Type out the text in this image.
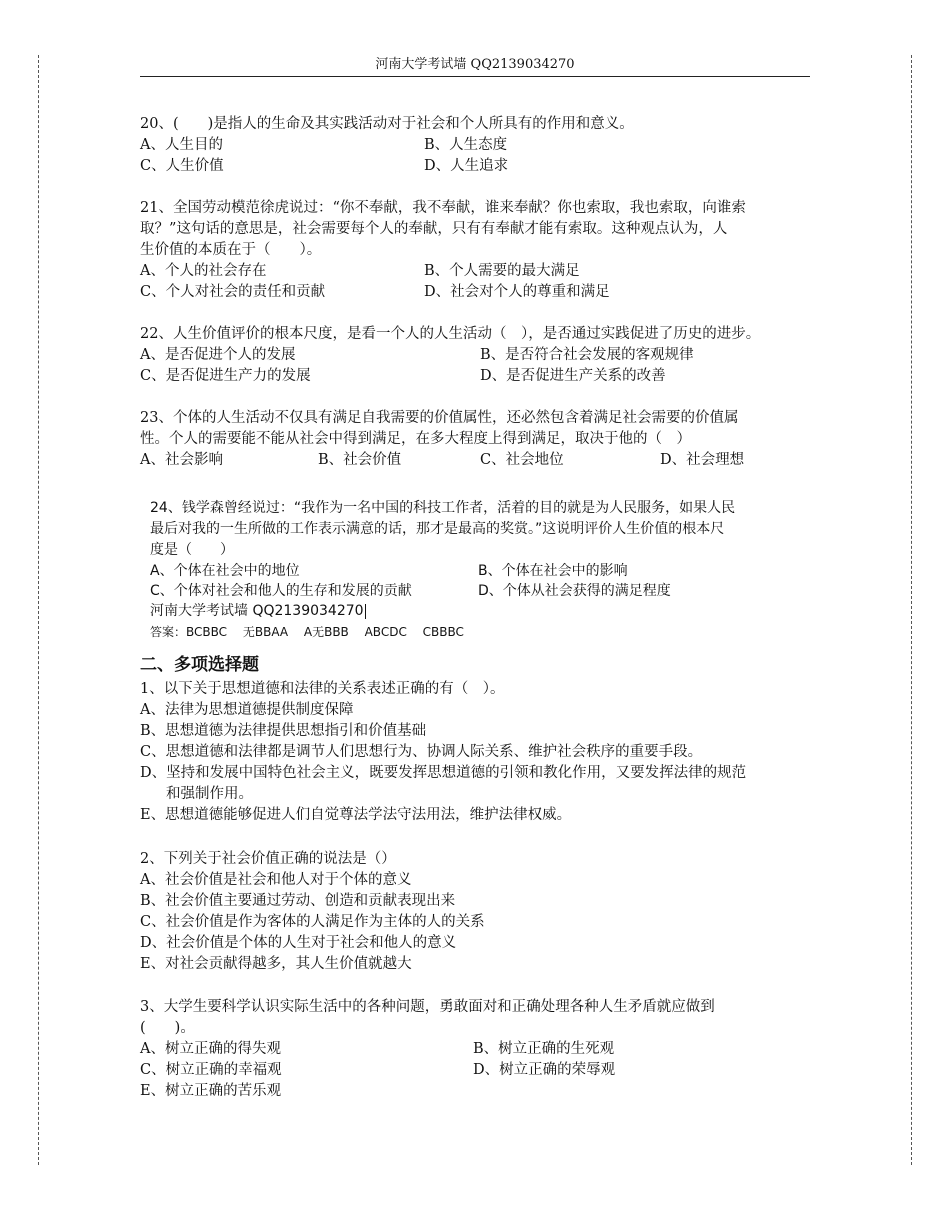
河南大学考试墙 QQ2139034270
20、(　　)是指人的生命及其实践活动对于社会和个人所具有的作用和意义。
A、人生目的	B、人生态度
C、人生价值	D、人生追求
21、全国劳动模范徐虎说过：“你不奉献，我不奉献，谁来奉献？你也索取，我也索取，向谁索
取？”这句话的意思是，社会需要每个人的奉献，只有有奉献才能有索取。这种观点认为，人
生价值的本质在于（　　）。
A、个人的社会存在	B、个人需要的最大满足
C、个人对社会的责任和贡献	D、社会对个人的尊重和满足
22、人生价值评价的根本尺度，是看一个人的人生活动（　），是否通过实践促进了历史的进步。
A、是否促进个人的发展	B、是否符合社会发展的客观规律
C、是否促进生产力的发展	D、是否促进生产关系的改善
23、个体的人生活动不仅具有满足自我需要的价值属性，还必然包含着满足社会需要的价值属
性。个人的需要能不能从社会中得到满足，在多大程度上得到满足，取决于他的（　）
A、社会影响	B、社会价值	C、社会地位	D、社会理想
24、钱学森曾经说过：“我作为一名中国的科技工作者，活着的目的就是为人民服务，如果人民
最后对我的一生所做的工作表示满意的话，那才是最高的奖赏。”这说明评价人生价值的根本尺
度是（　　）
A、个体在社会中的地位	B、个体在社会中的影响
C、个体对社会和他人的生存和发展的贡献	D、个体从社会获得的满足程度
河南大学考试墙 QQ2139034270
答案：BCBBC 无BBAA A无BBB ABCDC CBBBC
二、多项选择题
1、以下关于思想道德和法律的关系表述正确的有（　）。
A、法律为思想道德提供制度保障
B、思想道德为法律提供思想指引和价值基础
C、思想道德和法律都是调节人们思想行为、协调人际关系、维护社会秩序的重要手段。
D、坚持和发展中国特色社会主义，既要发挥思想道德的引领和教化作用，又要发挥法律的规范
和强制作用。
E、思想道德能够促进人们自觉尊法学法守法用法，维护法律权威。
2、下列关于社会价值正确的说法是（）
A、社会价值是社会和他人对于个体的意义
B、社会价值主要通过劳动、创造和贡献表现出来
C、社会价值是作为客体的人满足作为主体的人的关系
D、社会价值是个体的人生对于社会和他人的意义
E、对社会贡献得越多，其人生价值就越大
3、大学生要科学认识实际生活中的各种问题，勇敢面对和正确处理各种人生矛盾就应做到
(　　)。
A、树立正确的得失观	B、树立正确的生死观
C、树立正确的幸福观	D、树立正确的荣辱观
E、树立正确的苦乐观
